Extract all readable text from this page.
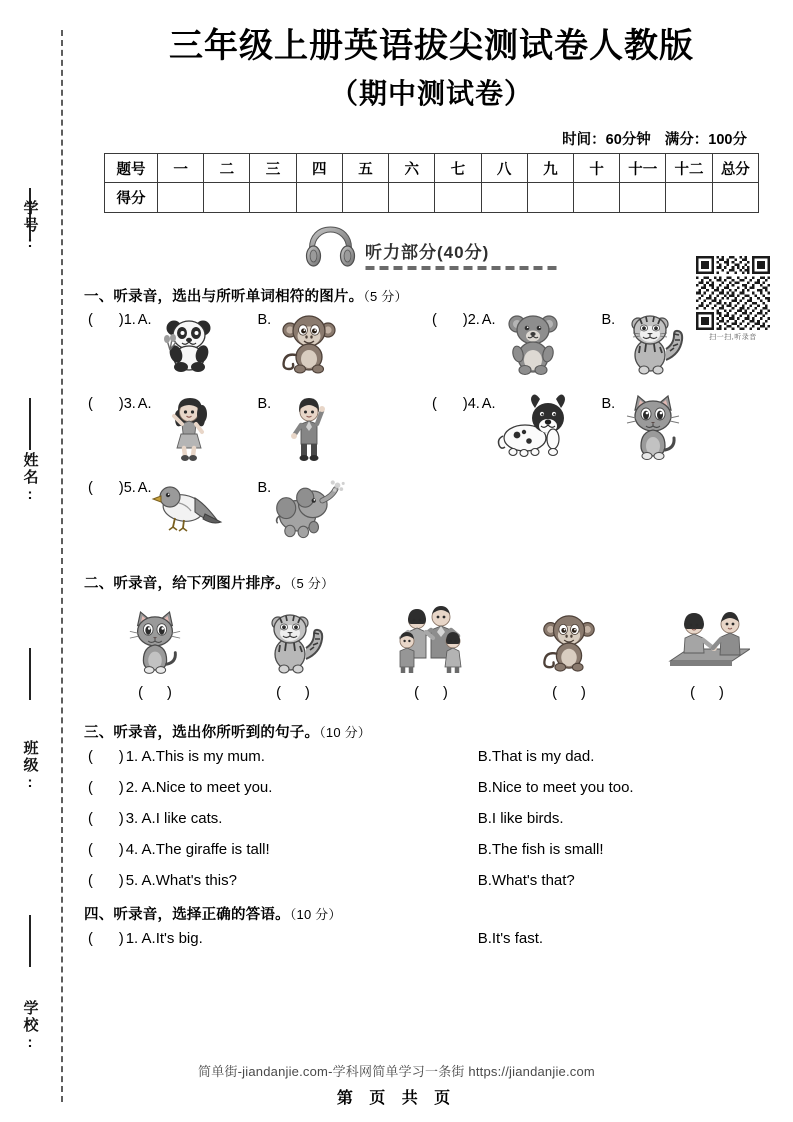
学号:
姓名:
班级:
学校:
三年级上册英语拔尖测试卷人教版
（期中测试卷）
时间：60分钟 满分：100分
题号	一	二	三	四	五	六	七	八	九	十	十一	十二	总分
得分													
听力部分(40分)
扫一扫,听录音
一、听录音，选出与所听单词相符的图片。（5 分）
( ) 1. A.	B.	( ) 2. A.	B.
( ) 3. A.	B.	( ) 4. A.	B.
( ) 5. A.	B.
二、听录音，给下列图片排序。（5 分）
( )	( )	( )	( )	( )
三、听录音，选出你所听到的句子。（10 分）
( ) 1. A.This is my mum.	B.That is my dad.
( ) 2. A.Nice to meet you.	B.Nice to meet you too.
( ) 3. A.I like cats.	B.I like birds.
( ) 4. A.The giraffe is tall!	B.The fish is small!
( ) 5. A.What's this?	B.What's that?
四、听录音，选择正确的答语。（10 分）
( ) 1. A.It's big.	B.It's fast.
简单街-jiandanjie.com-学科网简单学习一条街 https://jiandanjie.com
第 页 共 页
